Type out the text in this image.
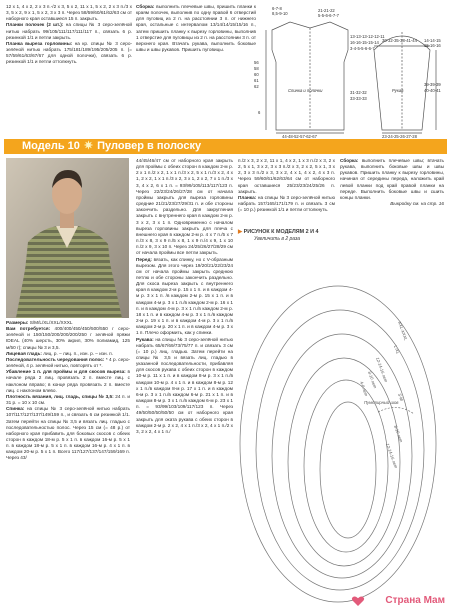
12 x 1, 4 x 2, 2 x 3 п.-/2 x 3, 5 x 2, 11 x 1, 5 x 2, 2 x 3 п./3 x 3, 5 x 2, 9 x 1, 5 x 2, 3 x 3 п. Через 58/59/60/61/62/63 см от наборного края оставшиеся 15 п. закрыть.

Планки полочек (2 шт.): на спицы № 3 серо-зелёной нитью набрать 99/105/111/117/111/117 п., связать 6 р. резинкой 1/1 и петли закрыть.

Планка выреза горловины: на кр. спицы № 3 серо-зелёной нитью набрать 175/181/189/195/205/205 п. (= 57/59/61/63/67/67 для одной полочки), связать 6 р. резинкой 1/1 и петли оттолкнуть.

Сборка: выполнить плечевые швы, пришить планки к краям полочек, выполнив по одну правой 6 отверстий для пуговиц из 2 п. на расстоянии 3 п. от нижнего края, остальные с интервалом 13/14/14/15/15/16 п., затем пришить планку к вырезу горловины, выполнив 1 отверстие для пуговицы из 2 п. на расстоянии 3 п. от верхнего края. Втачать рукава, выполнить боковые швы и швы рукавов. Пришить пуговицы.

6-7-8
8,5-9-10
21-21-22
5-5-6-6-7-7
13-13-13-12-12-11
16-16-15-15-14
3-4-5-5-6-6-7
56
58
60
61
62
31-32-32
33-33-33
Спинка и полочки	Рукав
44-48-52-57-62-67
30-32-35-38-41-44 14-14-15
15-16-16
39-39-39
40-40-41
23-24-25-26-27-28
6
Модель 10 ✷ Пуловер в полоску

Размеры: S/M/L/XL/XXL/XXXL

Вам потребуется: 400/400/450/450/500/550 г серо-зелёной и 150/150/200/200/200/250 г зелёной пряжи IDEAL (40% шерсть, 30% акрил, 30% полиамид, 125 м/50 г); спицы № 3 и 3,5.

Лицевая гладь: лиц. р. – лиц. п., изн. р. – изн. п.

Последовательность чередования полос: * 4 р. серо-зелёной, 4 р. зелёной нитью, повторять от *.

Убавление 1 п. для проймы и для скосов выреза: в начале ряда 2 лиц. провязать 2 п. вместе лиц. с наклоном вправо; в конце ряда провязать 2 п. вместе лиц. с наклоном влево.

Плотность вязания, лиц. гладь, спицы № 3,5: 24 п. и 31 р. = 10 x 10 см.

Спинка: на спицы № 3 серо-зелёной нитью набрать 107/117/127/137/149/159 п., и связать 6 см резинкой 1/1. Затем перейти на спицы № 3,5 и вязать лиц. гладью с последовательностью полос. Через 15 см (= 48 р.) от наборного края прибавить для боковых скосов с обеих сторон в каждом 18-м р. 5 x 1 п. в каждом 16-м р. 5 x 1 п. в каждом 18-м р. 5 x 1 п. в каждом 16-м р. 4 x 1 п. в каждом 20-м р. 5 x 1 п. Всего 117/127/137/147/159/169 п. Через 43/

44/45/46/47 см от наборного края закрыть для проймы с обеих сторон в каждом 2-м р. 2 x 1 п./2 x 2, 1 x 1 п./3 x 2, 5 x 1 п./3 x 2, 4 x 1, 2 x 2, 1 x 1 п./3 x 2, 3 x 1, 2 x 2, 7 x 1 п./3 x 3, 4 x 2, 6 x 1 п. = 93/99/105/113/117/123 п. Через 22/23/24/26/27/28 см от начала проймы закрыть для выреза горловины средние 21/21/23/27/29/31 п. и обе стороны закончить раздельно. Для закругления закрыть с внутреннего края в каждом 2-м р. 3 x 2, 3 x 1 п. Одновременно с началом выреза горловины закрыть для плеча с внешнего края в каждом 2-м р. 4 x 7 п./5 x 7 п./3 x 8, 3 x 9 п./5 x 8, 1 x 9 п./4 x 9, 1 x 10 п./2 x 9, 3 x 10 п. Через 24/25/26/27/28/29 см от начала проймы все петли закрыть.

Перед: вязать, как спинку, но с V-образным вырезом. Для этого через 19/20/21/22/23/24 см от начала проймы закрыть среднюю петлю и обе стороны закончить раздельно. Для скоса выреза закрыть с внутреннего края в каждом 2-м р. 15 x 1 п. и в каждом 4-м р. 3 x 1 п. /в каждом 2-м р. 15 x 1 п. и в каждом 4-м р. 3 x 1 п./в каждом 2-м р. 16 x 1 п. и в каждом 4-м р. 3 x 1 п./в каждом 2-м р. 18 x 1 п. и в каждом 4-м р. 3 x 1 п./в каждом 2-м р. 19 x 1 п. и в каждом 4-м р. 3 x 1 п./в каждом 2-м р. 20 x 1 п. и в каждом 4-м р. 3 x 1 п. Плечо оформить, как у спинки.

Рукава: на спицы № 3 серо-зелёной нитью набрать 65/67/69/73/75/77 п. и связать 3 см (= 10 р.) лиц. гладью. Затем перейти на спицы № 3,5 и вязать лиц. гладью в указанной последовательности, прибавляя для скосов рукава с обеих сторон в каждом 10-м р. 11 x 1 п. и в каждом 8-м р. 3 x 1 п./в каждом 10-м р. 4 x 1 п. и в каждом 8-м р. 12 x 1 п./в каждом 8-м р. 17 x 1 п. и в каждом 6-м р. 3 x 1 п./в каждом 6-м р. 21 x 1 п. и в каждом 8-м р. 3 x 1 п./в каждом 6-м р. 23 x 1 п. = 93/99/103/109/117/123 п. Через 49/50/50/50/50/50 см от наборного края закрыть для оката рукава с обеих сторон в каждом 2-м р. 2 x 2, 4 x 1 п./3 x 2, 4 x 1 п./2 x 3, 2 x 2, 4 x 1 п./

п./2 x 3, 2 x 2, 11 x 1, 4 x 2, 1 x 3 п./2 x 3, 2 x 2, 5 x 1, 3 x 2, 3 x 3 п./2 x 3, 2 x 2, 5 x 1, 3 x 2, 3 x 3 п./2 x 3, 3 x 2, 4 x 1, 4 x 2, 4 x 3 п. Через 59/60/61/62/63/64 см от наборного края оставшиеся 25/23/23/24/25/26 п. закрыть.

Планка: на спицы № 3 серо-зелёной нитью набрать 157/165/171/179 п. и связать 3 см (= 10 р.) резинкой 1/1 и петли оттолкнуть.

Сборка: выполнить плечевые швы; втачать рукава, выполнить боковые швы и швы рукавов. Пришить планку к вырезу горловины, начиная от середины переда, наложить край левой планки под край правой планки на переде. Выполнить боковые швы и сшить концы планки.

Выкройку см. на стр. 16

▶ РИСУНОК К МОДЕЛЯМ 2 И 4
Увеличить в 2 раза
XXL-XXXL
L-XL
S-M
12-14-16 лет
8-10 лет
4-6 лет
8-10 лет
12-14-16 лет
Пунктирный шов
Страна Мам
